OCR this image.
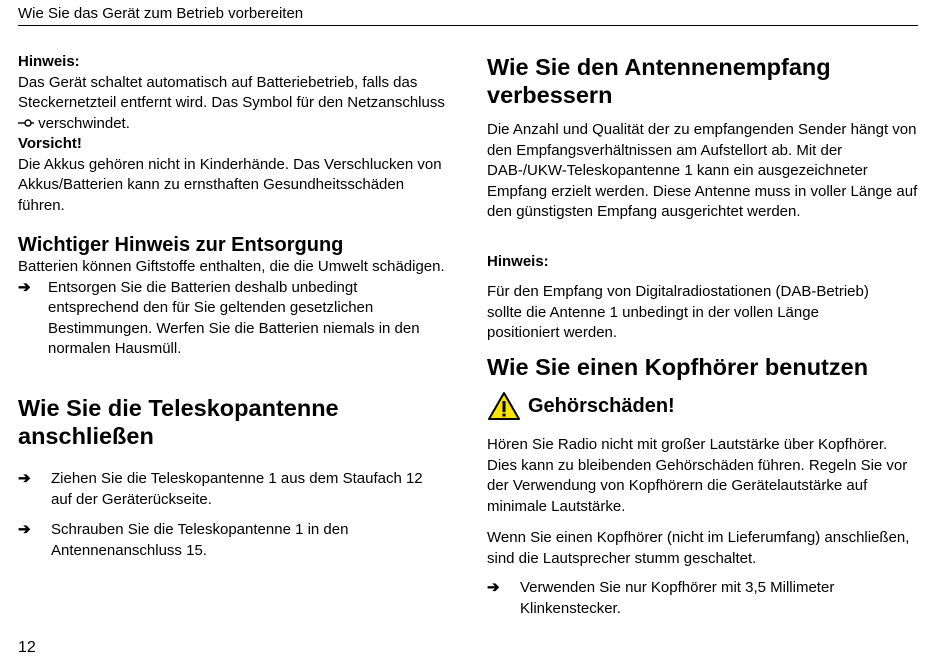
Wie Sie das Gerät zum Betrieb vorbereiten

Hinweis:

Das Gerät schaltet automatisch auf Batteriebetrieb, falls das Steckernetzteil entfernt wird. Das Symbol für den Netzanschluss  verschwindet.

Vorsicht!

Die Akkus gehören nicht in Kinderhände. Das Verschlucken von Akkus/Batterien kann zu ernsthaften Gesundheitsschäden führen.

Wichtiger Hinweis zur Entsorgung

Batterien können Giftstoffe enthalten, die die Umwelt schädigen.

➔ Entsorgen Sie die Batterien deshalb unbedingt entsprechend den für Sie geltenden gesetzlichen Bestimmungen. Werfen Sie die Batterien niemals in den normalen Hausmüll.
Wie Sie die Teleskopantenne anschließen
➔ Ziehen Sie die Teleskopantenne 1 aus dem Staufach 12 auf der Geräterückseite.
➔ Schrauben Sie die Teleskopantenne 1 in den Antennenanschluss 15.
Wie Sie den Antennenempfang verbessern

Die Anzahl und Qualität der zu empfangenden Sender hängt von den Empfangsverhältnissen am Aufstellort ab. Mit der DAB-/UKW-Teleskopantenne 1 kann ein ausgezeichneter Empfang erzielt werden. Diese Antenne muss in voller Länge auf den günstigsten Empfang ausgerichtet werden.

Hinweis:

Für den Empfang von Digitalradiostationen (DAB-Betrieb) sollte die Antenne 1 unbedingt in der vollen Länge positioniert werden.

Wie Sie einen Kopfhörer benutzen
Gehörschäden!

Hören Sie Radio nicht mit großer Lautstärke über Kopfhörer. Dies kann zu bleibenden Gehörschäden führen. Regeln Sie vor der Verwendung von Kopfhörern die Gerätelautstärke auf minimale Lautstärke.

Wenn Sie einen Kopfhörer (nicht im Lieferumfang) anschließen, sind die Lautsprecher stumm geschaltet.

➔ Verwenden Sie nur Kopfhörer mit 3,5 Millimeter Klinkenstecker.
12
